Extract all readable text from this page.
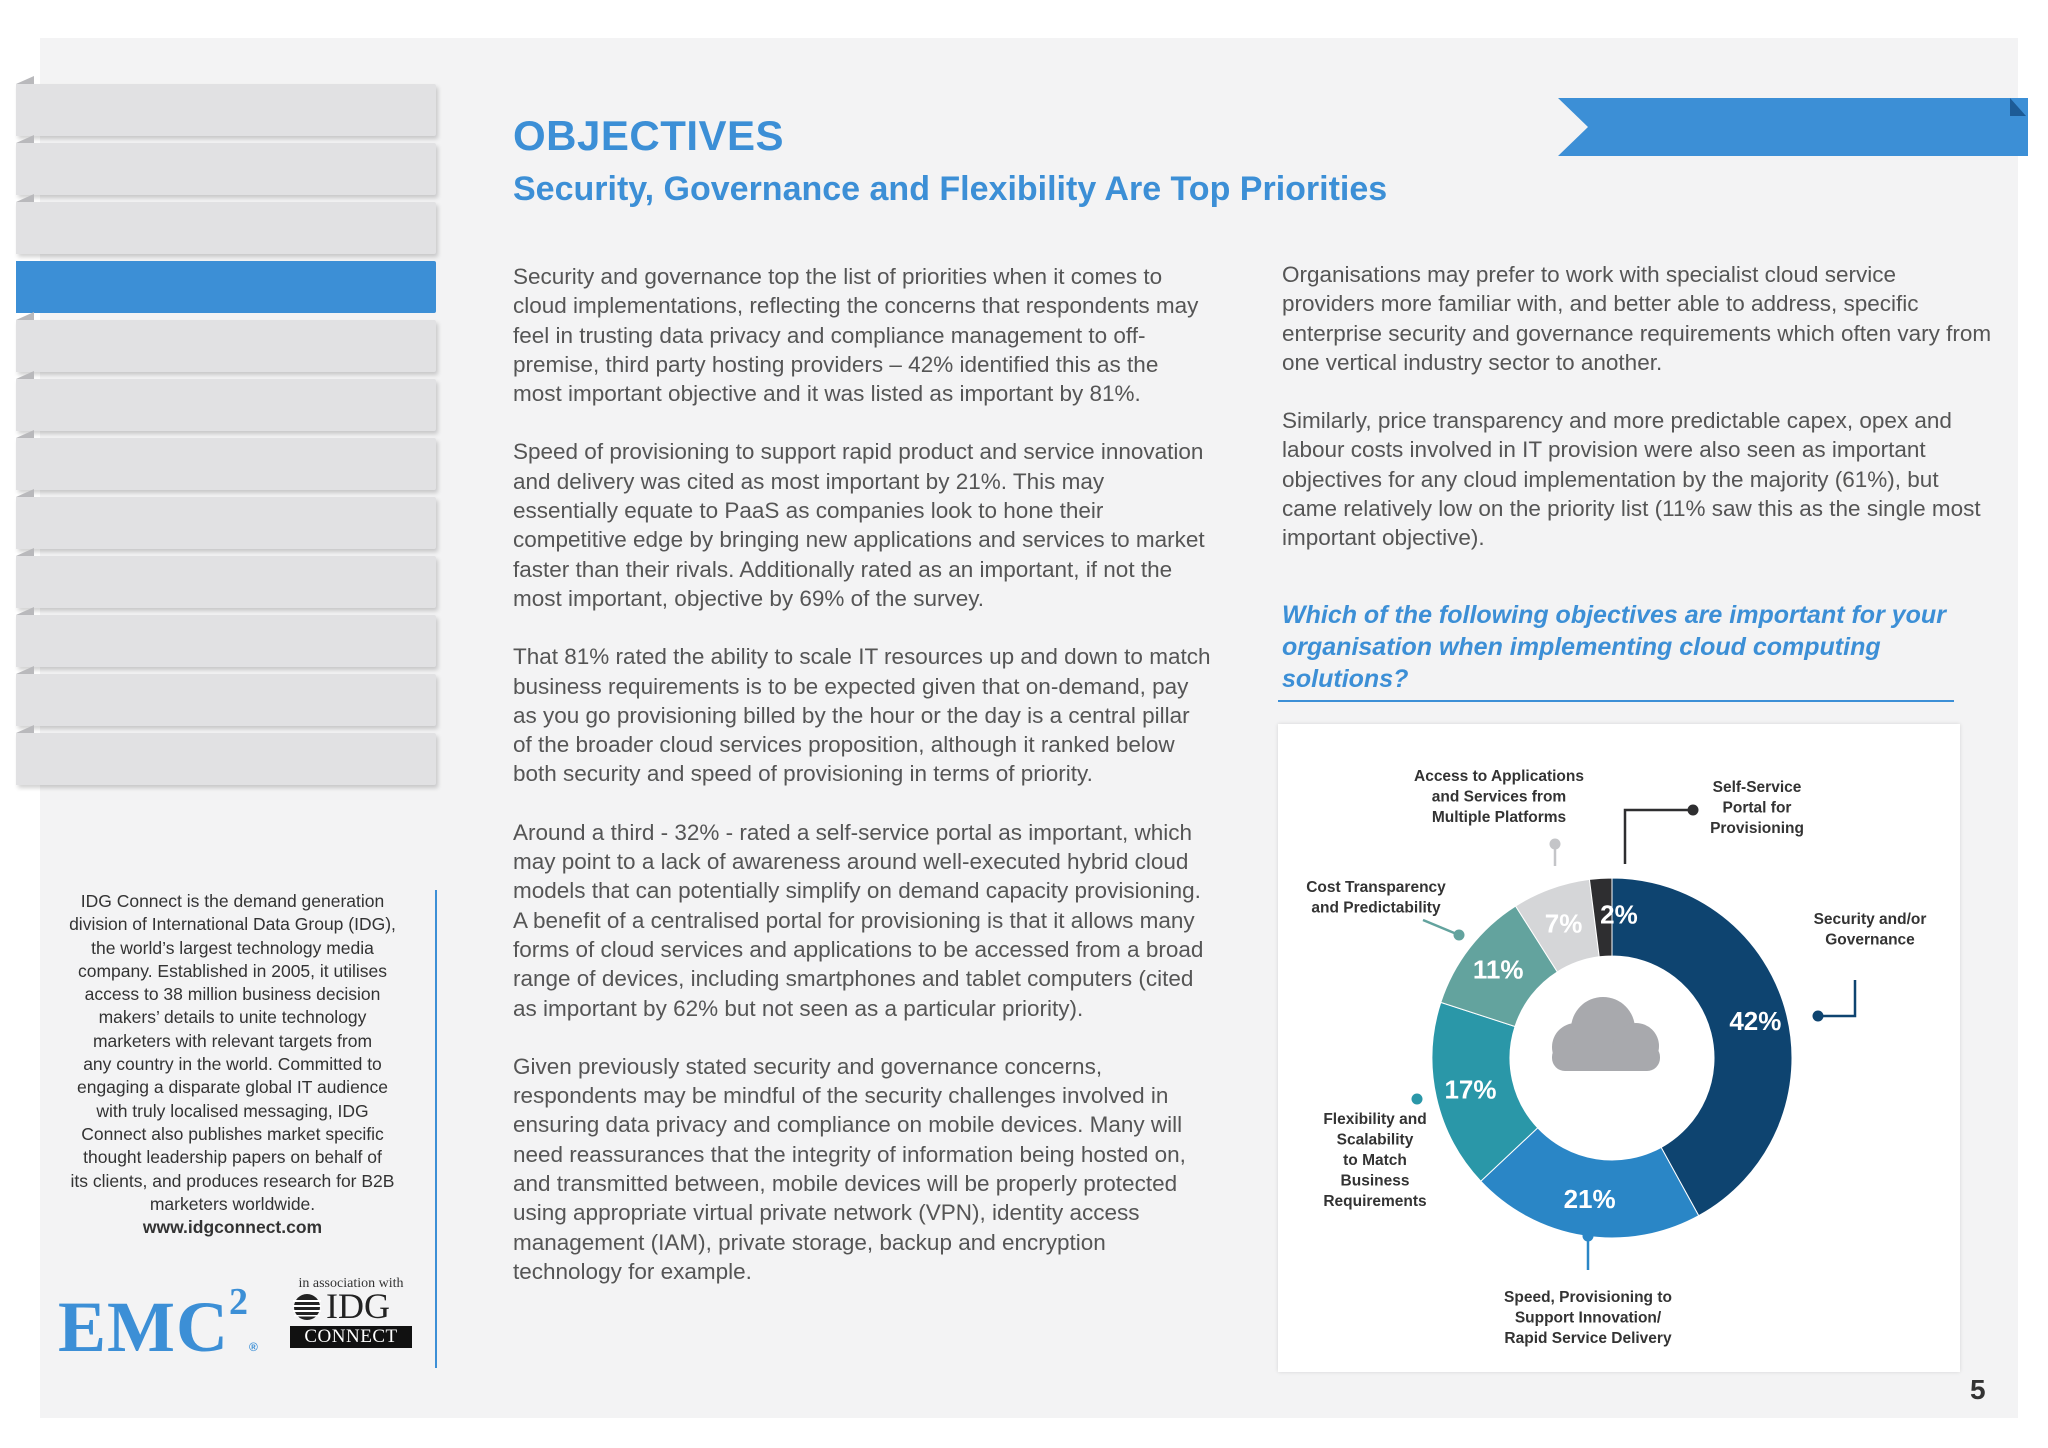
OBJECTIVES
Security, Governance and Flexibility Are Top Priorities

Security and governance top the list of priorities when it comes to cloud implementations, reflecting the concerns that respondents may feel in trusting data privacy and compliance management to off-premise, third party hosting providers – 42% identified this as the most important objective and it was listed as important by 81%.

Speed of provisioning to support rapid product and service innovation and delivery was cited as most important by 21%. This may essentially equate to PaaS as companies look to hone their competitive edge by bringing new applications and services to market faster than their rivals. Additionally rated as an important, if not the most important, objective by 69% of the survey.

That 81% rated the ability to scale IT resources up and down to match business requirements is to be expected given that on-demand, pay as you go provisioning billed by the hour or the day is a central pillar of the broader cloud services proposition, although it ranked below both security and speed of provisioning in terms of priority.

Around a third - 32% - rated a self-service portal as important, which may point to a lack of awareness around well-executed hybrid cloud models that can potentially simplify on demand capacity provisioning. A benefit of a centralised portal for provisioning is that it allows many forms of cloud services and applications to be accessed from a broad range of devices, including smartphones and tablet computers (cited as important by 62% but not seen as a particular priority).

Given previously stated security and governance concerns, respondents may be mindful of the security challenges involved in ensuring data privacy and compliance on mobile devices. Many will need reassurances that the integrity of information being hosted on, and transmitted between, mobile devices will be properly protected using appropriate virtual private network (VPN), identity access management (IAM), private storage, backup and encryption technology for example.

Organisations may prefer to work with specialist cloud service providers more familiar with, and better able to address, specific enterprise security and governance requirements which often vary from one vertical industry sector to another.

Similarly, price transparency and more predictable capex, opex and labour costs involved in IT provision were also seen as important objectives for any cloud implementation by the majority (61%), but came relatively low on the priority list (11% saw this as the single most important objective).

Which of the following objectives are important for your organisation when implementing cloud computing solutions?

IDG Connect is the demand generation
division of International Data Group (IDG),
the world’s largest technology media
company. Established in 2005, it utilises
access to 38 million business decision
makers’ details to unite technology
marketers with relevant targets from
any country in the world. Committed to
engaging a disparate global IT audience
with truly localised messaging, IDG
Connect also publishes market specific
thought leadership papers on behalf of
its clients, and produces research for B2B
marketers worldwide.
www.idgconnect.com
EMC$^2$®
in association with
IDG
CONNECT
42%
21%
17%
11%
7% 2%	Security and/or Governance
Speed, Provisioning to Support Innovation/ Rapid Service Delivery
Flexibility and Scalability to Match Business Requirements
Cost Transparency and Predictability
Access to Applications and Services from Multiple Platforms
Self-Service Portal for Provisioning
5
